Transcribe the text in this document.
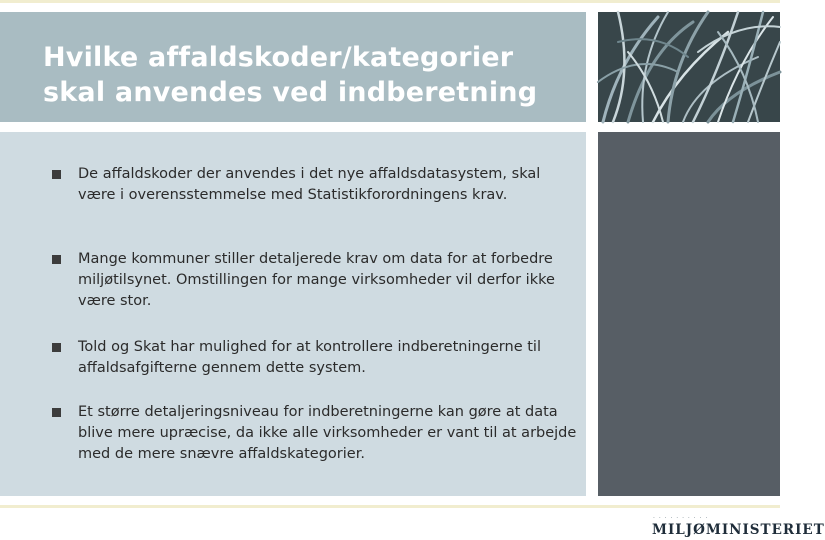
Hvilke affaldskoder/kategorier skal anvendes ved indberetning
De affaldskoder der anvendes i det nye affaldsdatasystem, skal være i overensstemmelse med Statistikforordningens krav.
Mange kommuner stiller detaljerede krav om data for at forbedre miljøtilsynet. Omstillingen for mange virksomheder vil derfor ikke være stor.
Told og Skat har mulighed for at kontrollere indberetningerne til affaldsafgifterne gennem dette system.
Et større detaljeringsniveau for indberetningerne kan gøre at data blive mere upræcise, da ikke alle virksomheder er vant til at arbejde med de mere snævre affaldskategorier.
· · · · · · · · · ·
MILJØMINISTERIET
